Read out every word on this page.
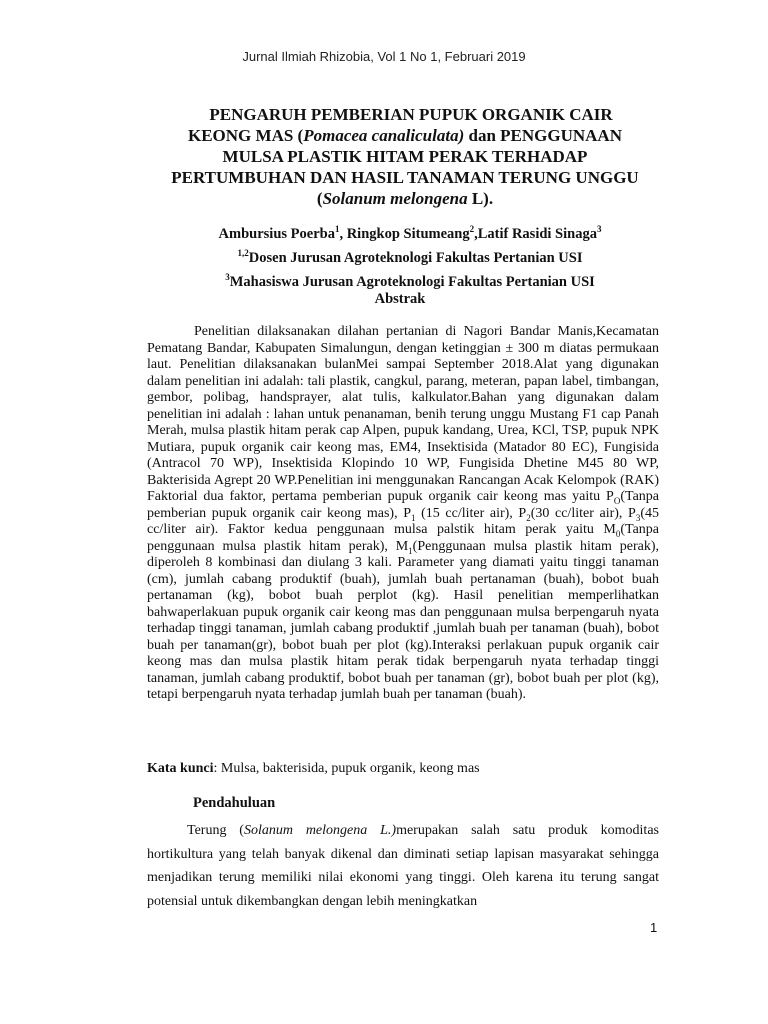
Jurnal Ilmiah Rhizobia, Vol 1 No 1, Februari 2019
PENGARUH PEMBERIAN PUPUK ORGANIK CAIR
KEONG MAS (Pomacea canaliculata) dan PENGGUNAAN
MULSA PLASTIK HITAM PERAK TERHADAP
PERTUMBUHAN DAN HASIL TANAMAN TERUNG UNGGU
(Solanum melongena L).
Ambursius Poerba$^1$, Ringkop Situmeang$^2$,Latif Rasidi Sinaga$^3$
$^{1,2}$Dosen Jurusan Agroteknologi Fakultas Pertanian USI
$^3$Mahasiswa Jurusan Agroteknologi Fakultas Pertanian USI
Abstrak

Penelitian dilaksanakan dilahan pertanian di Nagori Bandar Manis,Kecamatan Pematang Bandar, Kabupaten Simalungun, dengan ketinggian ± 300 m diatas permukaan laut. Penelitian dilaksanakan bulanMei sampai September 2018.Alat yang digunakan dalam penelitian ini adalah: tali plastik, cangkul, parang, meteran, papan label, timbangan, gembor, polibag, handsprayer, alat tulis, kalkulator.Bahan yang digunakan dalam penelitian ini adalah : lahan untuk penanaman, benih terung unggu Mustang F1 cap Panah Merah, mulsa plastik hitam perak cap Alpen, pupuk kandang, Urea, KCl, TSP, pupuk NPK Mutiara, pupuk organik cair keong mas, EM4, Insektisida (Matador 80 EC), Fungisida (Antracol 70 WP), Insektisida Klopindo 10 WP, Fungisida Dhetine M45 80 WP, Bakterisida Agrept 20 WP.Penelitian ini menggunakan Rancangan Acak Kelompok (RAK) Faktorial dua faktor, pertama pemberian pupuk organik cair keong mas yaitu $P_O(Tanpa$ pemberian pupuk organik cair keong mas), $P_1$ (15 cc/liter air), $P_2(30$ cc/liter air), $P_3(45$ cc/liter air). Faktor kedua penggunaan mulsa palstik hitam perak yaitu $M_0(Tanpa$ penggunaan mulsa plastik hitam perak), $M_1(Penggunaan$ mulsa plastik hitam perak), diperoleh 8 kombinasi dan diulang 3 kali. Parameter yang diamati yaitu tinggi tanaman (cm), jumlah cabang produktif (buah), jumlah buah pertanaman (buah), bobot buah pertanaman (kg), bobot buah perplot (kg). Hasil penelitian memperlihatkan bahwaperlakuan pupuk organik cair keong mas dan penggunaan mulsa berpengaruh nyata terhadap tinggi tanaman, jumlah cabang produktif ,jumlah buah per tanaman (buah), bobot buah per tanaman(gr), bobot buah per plot (kg).Interaksi perlakuan pupuk organik cair keong mas dan mulsa plastik hitam perak tidak berpengaruh nyata terhadap tinggi tanaman, jumlah cabang produktif, bobot buah per tanaman (gr), bobot buah per plot (kg), tetapi berpengaruh nyata terhadap jumlah buah per tanaman (buah).

Kata kunci: Mulsa, bakterisida, pupuk organik, keong mas
Pendahuluan

Terung (Solanum melongena L.)merupakan salah satu produk komoditas hortikultura yang telah banyak dikenal dan diminati setiap lapisan masyarakat sehingga menjadikan terung memiliki nilai ekonomi yang tinggi. Oleh karena itu terung sangat potensial untuk dikembangkan dengan lebih meningkatkan

1
